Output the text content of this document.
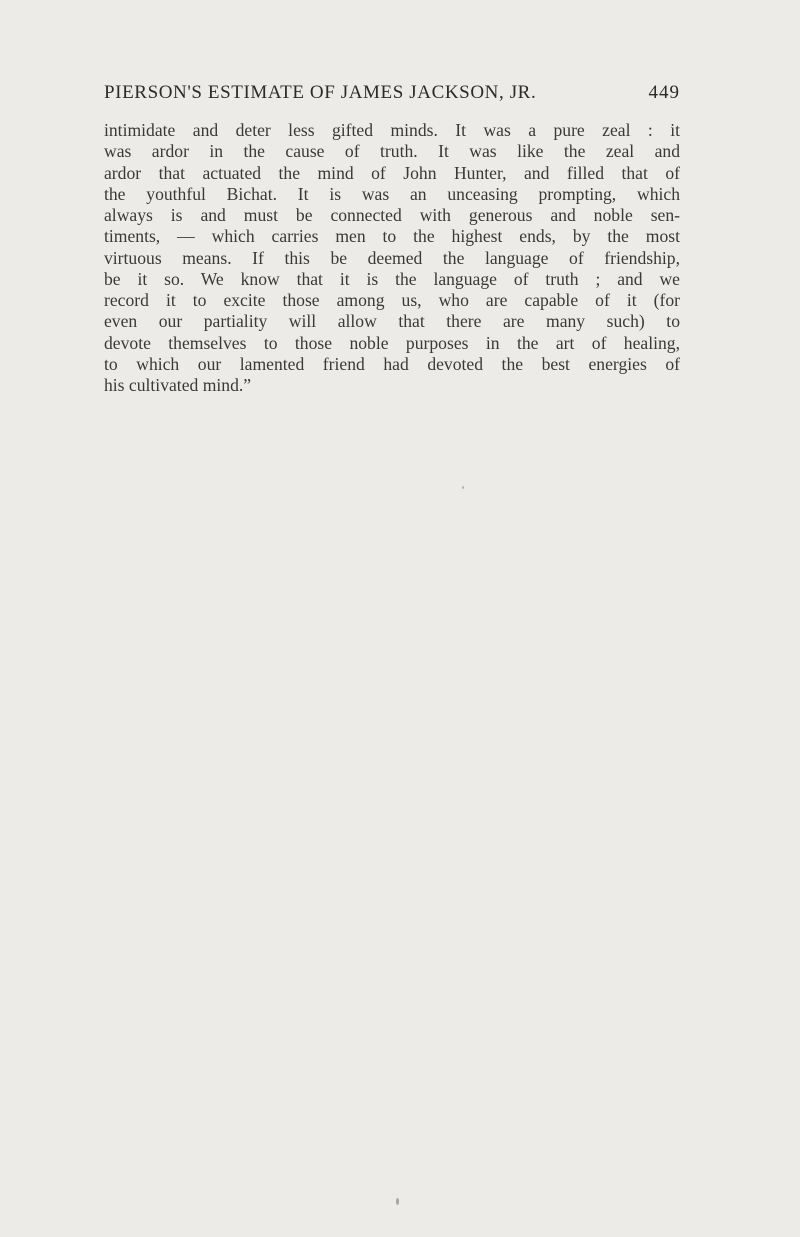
PIERSON'S ESTIMATE OF JAMES JACKSON, JR.	449
intimidate and deter less gifted minds. It was a pure zeal : it
was ardor in the cause of truth. It was like the zeal and
ardor that actuated the mind of John Hunter, and filled that of
the youthful Bichat. It is was an unceasing prompting, which
always is and must be connected with generous and noble sen-
timents, — which carries men to the highest ends, by the most
virtuous means. If this be deemed the language of friendship,
be it so. We know that it is the language of truth ; and we
record it to excite those among us, who are capable of it (for
even our partiality will allow that there are many such) to
devote themselves to those noble purposes in the art of healing,
to which our lamented friend had devoted the best energies of
his cultivated mind.”
